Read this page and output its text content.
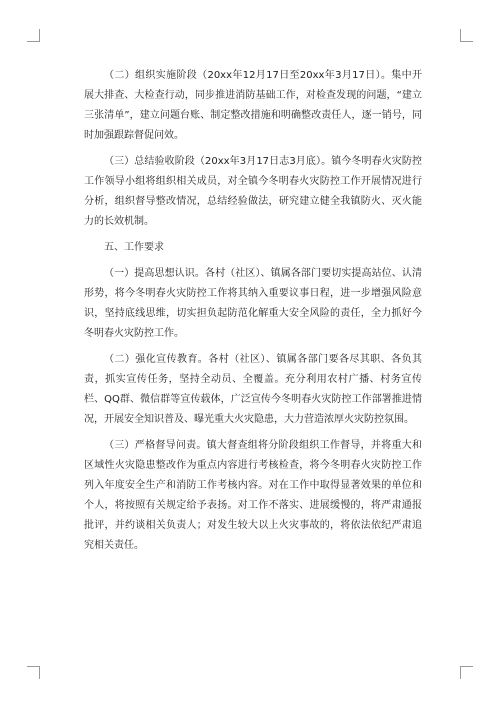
（二）组织实施阶段（20xx年12月17日至20xx年3月17日）。集中开展大排查、大检查行动，同步推进消防基础工作，对检查发现的问题，“建立三张清单”，建立问题台账、制定整改措施和明确整改责任人，逐一销号，同时加强跟踪督促问效。

（三）总结验收阶段（20xx年3月17日志3月底）。镇今冬明春火灾防控工作领导小组将组织相关成员，对全镇今冬明春火灾防控工作开展情况进行分析，组织督导整改情况，总结经验做法，研究建立健全我镇防火、灭火能力的长效机制。

五、工作要求

（一）提高思想认识。各村（社区）、镇属各部门要切实提高站位、认清形势，将今冬明春火灾防控工作将其纳入重要议事日程，进一步增强风险意识，坚持底线思维，切实担负起防范化解重大安全风险的责任，全力抓好今冬明春火灾防控工作。

（二）强化宣传教育。各村（社区）、镇属各部门要各尽其职、各负其责，抓实宣传任务，坚持全动员、全覆盖。充分利用农村广播、村务宣传栏、QQ群、微信群等宣传载体，广泛宣传今冬明春火灾防控工作部署推进情况，开展安全知识普及、曝光重大火灾隐患，大力营造浓厚火灾防控氛围。

（三）严格督导问责。镇大督查组将分阶段组织工作督导，并将重大和区域性火灾隐患整改作为重点内容进行考核检查，将今冬明春火灾防控工作列入年度安全生产和消防工作考核内容。对在工作中取得显著效果的单位和个人，将按照有关规定给予表扬。对工作不落实、进展缓慢的，将严肃通报批评，并约谈相关负责人；对发生较大以上火灾事故的，将依法依纪严肃追究相关责任。
